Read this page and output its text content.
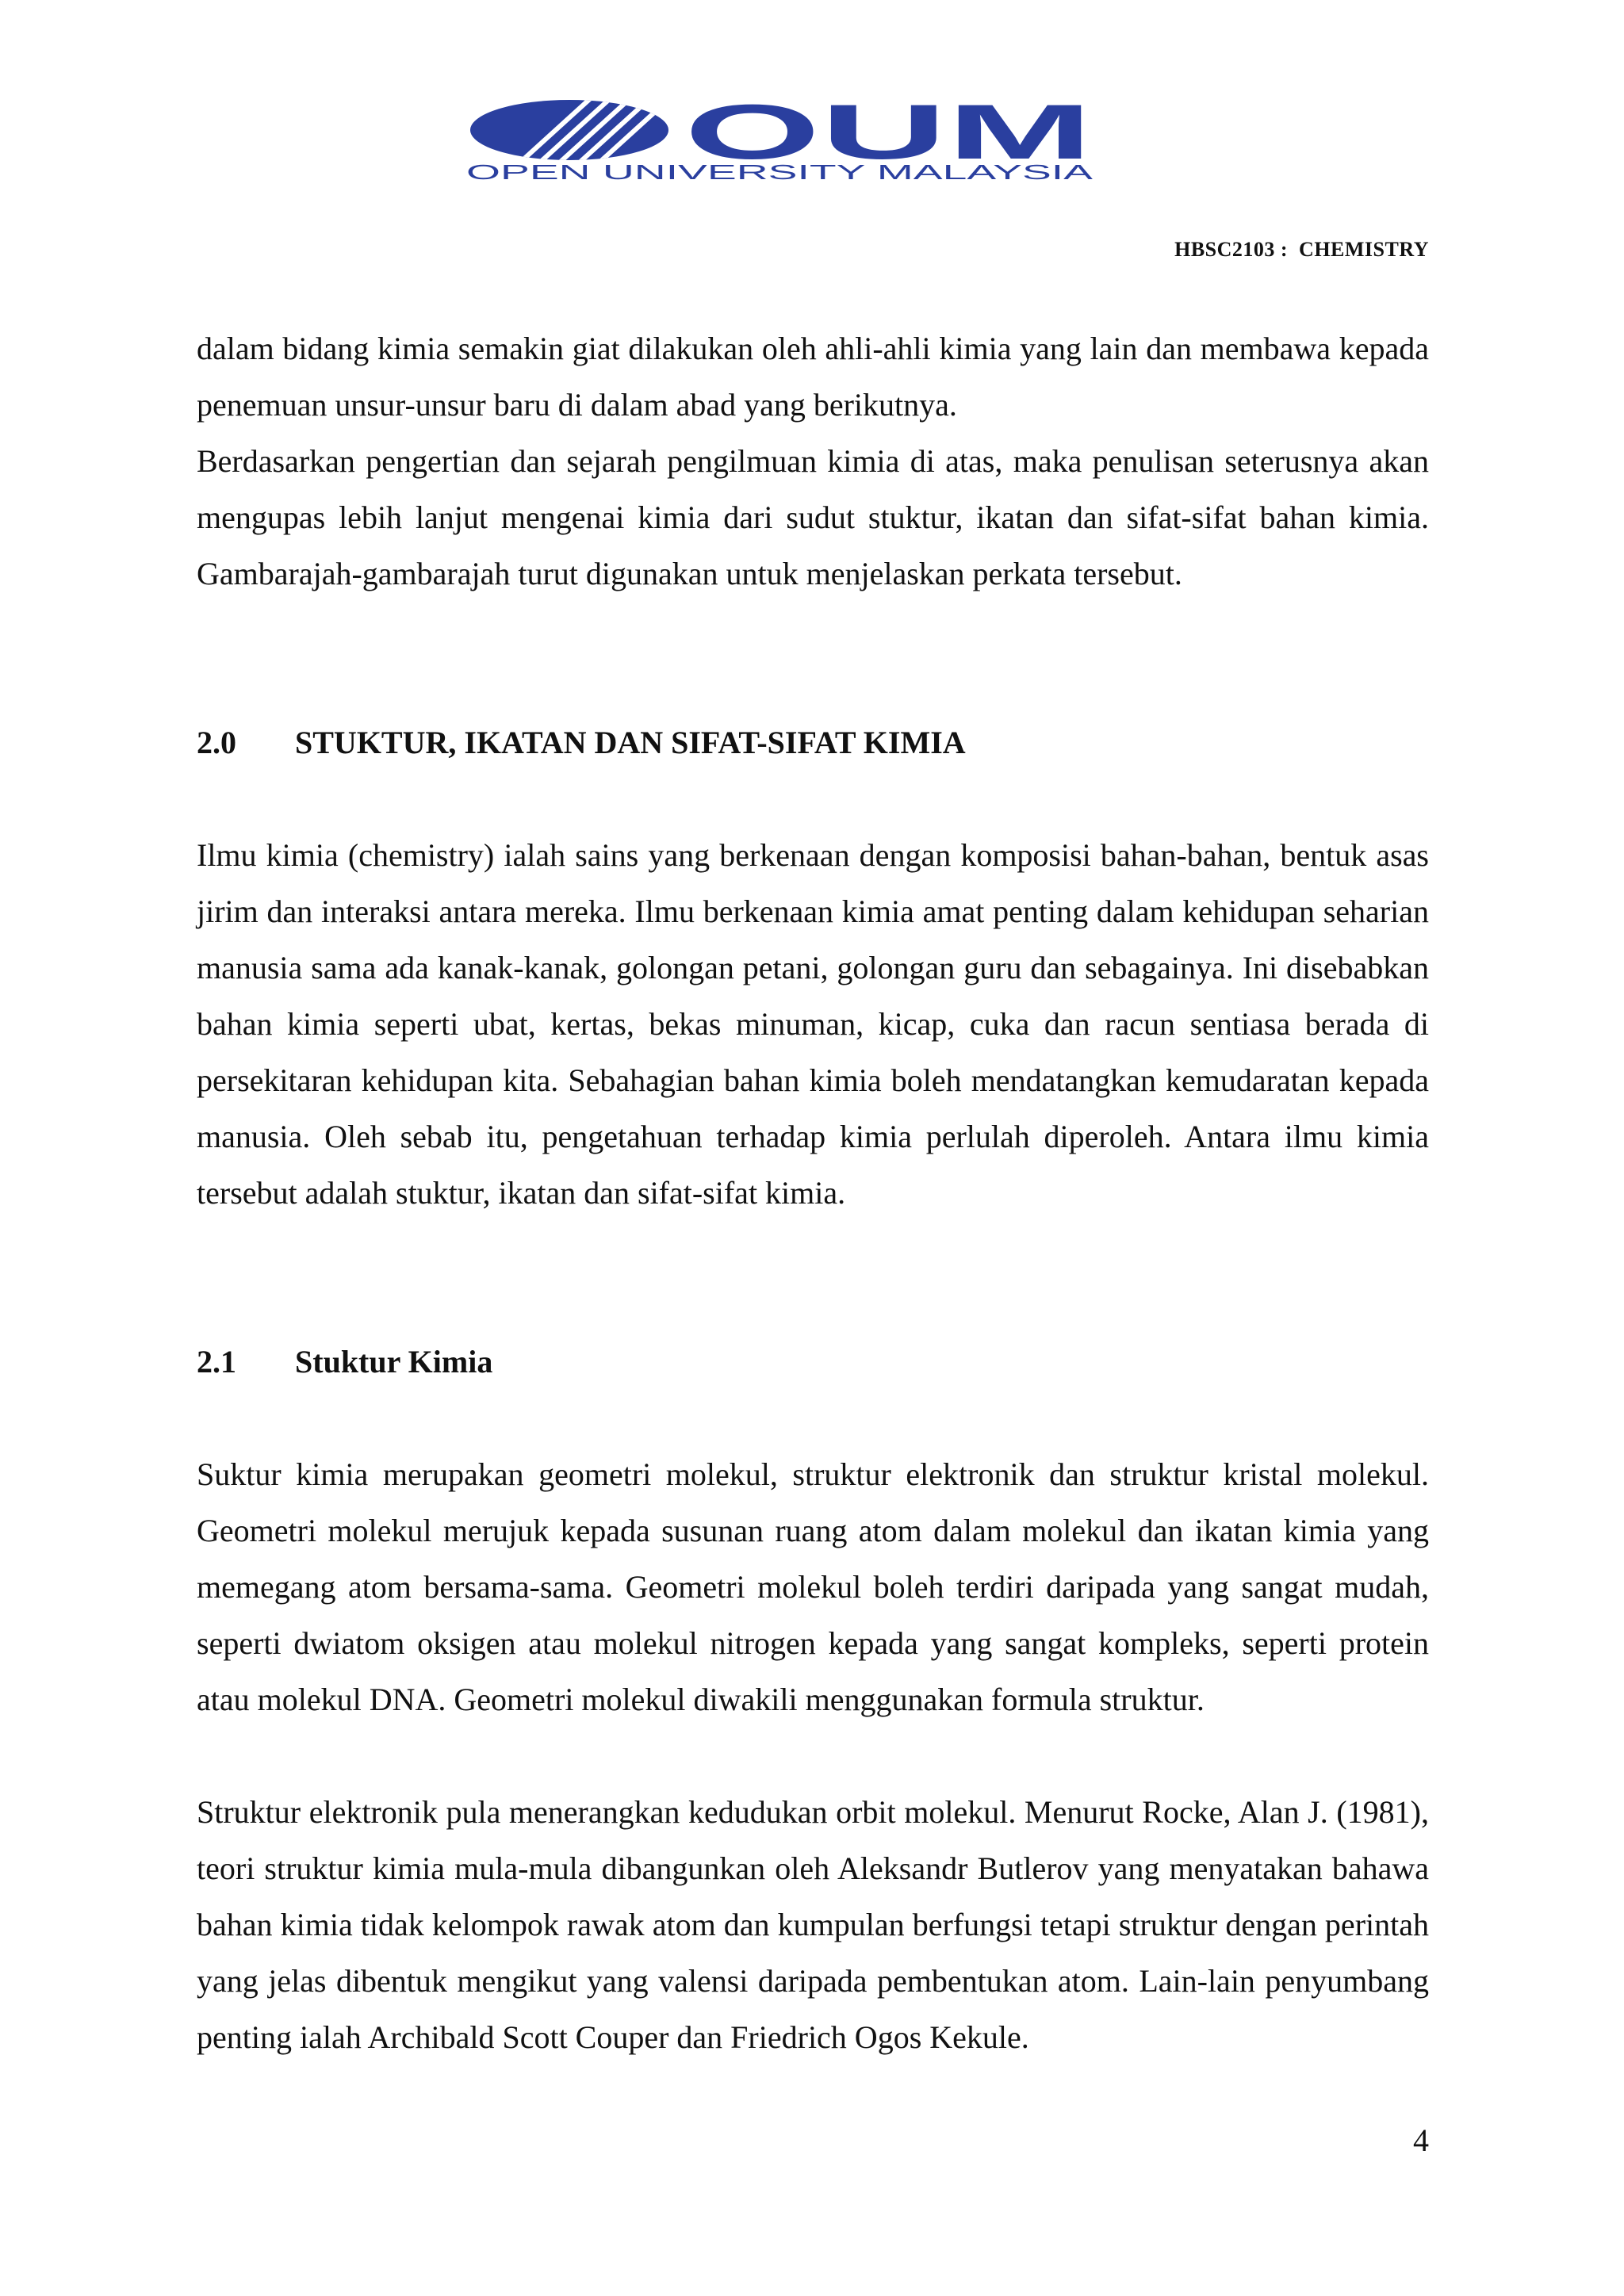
OUM
OPEN UNIVERSITY MALAYSIA
HBSC2103 :  CHEMISTRY

dalam bidang kimia semakin giat dilakukan oleh ahli-ahli kimia yang lain dan membawa kepada penemuan unsur-unsur baru di dalam abad yang berikutnya.

Berdasarkan pengertian dan sejarah pengilmuan kimia di atas, maka penulisan seterusnya akan mengupas lebih lanjut mengenai kimia dari sudut stuktur, ikatan dan sifat-sifat bahan kimia. Gambarajah-gambarajah turut digunakan untuk menjelaskan perkata tersebut.

2.0	STUKTUR, IKATAN DAN SIFAT-SIFAT KIMIA

Ilmu kimia (chemistry) ialah sains yang berkenaan dengan komposisi bahan-bahan, bentuk asas jirim dan interaksi antara mereka. Ilmu berkenaan kimia amat penting dalam kehidupan seharian manusia sama ada kanak-kanak, golongan petani, golongan guru dan sebagainya. Ini disebabkan bahan kimia seperti ubat, kertas, bekas minuman, kicap, cuka dan racun sentiasa berada di persekitaran kehidupan kita. Sebahagian bahan kimia boleh mendatangkan kemudaratan kepada manusia. Oleh sebab itu, pengetahuan terhadap kimia perlulah diperoleh. Antara ilmu kimia tersebut adalah stuktur, ikatan dan sifat-sifat kimia.

2.1	Stuktur Kimia

Suktur kimia merupakan geometri molekul, struktur elektronik dan struktur kristal molekul. Geometri molekul merujuk kepada susunan ruang atom dalam molekul dan ikatan kimia yang memegang atom bersama-sama. Geometri molekul boleh terdiri daripada yang sangat mudah, seperti dwiatom oksigen atau molekul nitrogen kepada yang sangat kompleks, seperti protein atau molekul DNA. Geometri molekul diwakili menggunakan formula struktur.

Struktur elektronik pula menerangkan kedudukan orbit molekul. Menurut Rocke, Alan J. (1981), teori struktur kimia mula-mula dibangunkan oleh Aleksandr Butlerov yang menyatakan bahawa bahan kimia tidak kelompok rawak atom dan kumpulan berfungsi tetapi struktur dengan perintah yang jelas dibentuk mengikut yang valensi daripada pembentukan atom. Lain-lain penyumbang penting ialah Archibald Scott Couper dan Friedrich Ogos Kekule.

4
